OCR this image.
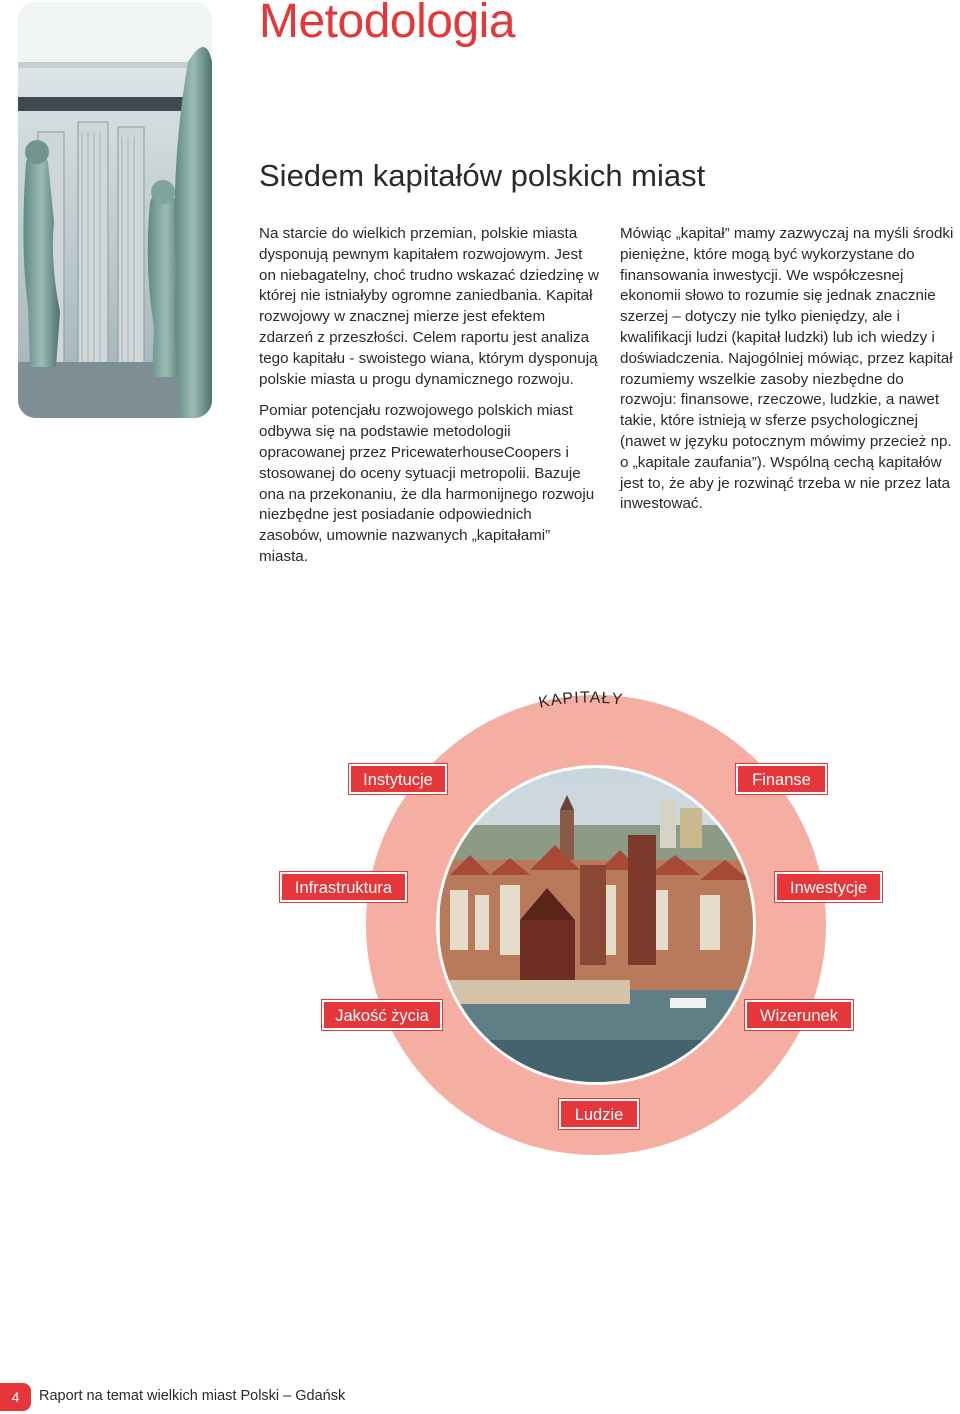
Metodologia
Siedem kapitałów polskich miast

Na starcie do wielkich przemian, polskie miasta dysponują pewnym kapitałem rozwojowym. Jest on niebagatelny, choć trudno wskazać dziedzinę w której nie istniałyby ogromne zaniedbania. Kapitał rozwojowy w znacznej mierze jest efektem zdarzeń z przeszłości. Celem raportu jest analiza tego kapitału - swoistego wiana, którym dysponują polskie miasta u progu dynamicznego rozwoju.

Pomiar potencjału rozwojowego polskich miast odbywa się na podstawie metodologii opracowanej przez PricewaterhouseCoopers i stosowanej do oceny sytuacji metropolii. Bazuje ona na przekonaniu, że dla harmonijnego rozwoju niezbędne jest posiadanie odpowiednich zasobów, umownie nazwanych „kapitałami” miasta.

Mówiąc „kapitał” mamy zazwyczaj na myśli środki pieniężne, które mogą być wykorzystane do finansowania inwestycji. We współczesnej ekonomii słowo to rozumie się jednak znacznie szerzej – dotyczy nie tylko pieniędzy, ale i kwalifikacji ludzi (kapitał ludzki) lub ich wiedzy i doświadczenia. Najogólniej mówiąc, przez kapitał rozumiemy wszelkie zasoby niezbędne do rozwoju: finansowe, rzeczowe, ludzkie, a nawet takie, które istnieją w sferze psychologicznej (nawet w języku potocznym mówimy przecież np. o „kapitale zaufania”). Wspólną cechą kapitałów jest to, że aby je rozwinąć trzeba w nie przez lata inwestować.

KAPITAŁY
Instytucje	Finanse
Infrastruktura	Inwestycje
Jakość życia	Wizerunek
Ludzie
4	Raport na temat wielkich miast Polski – Gdańsk
